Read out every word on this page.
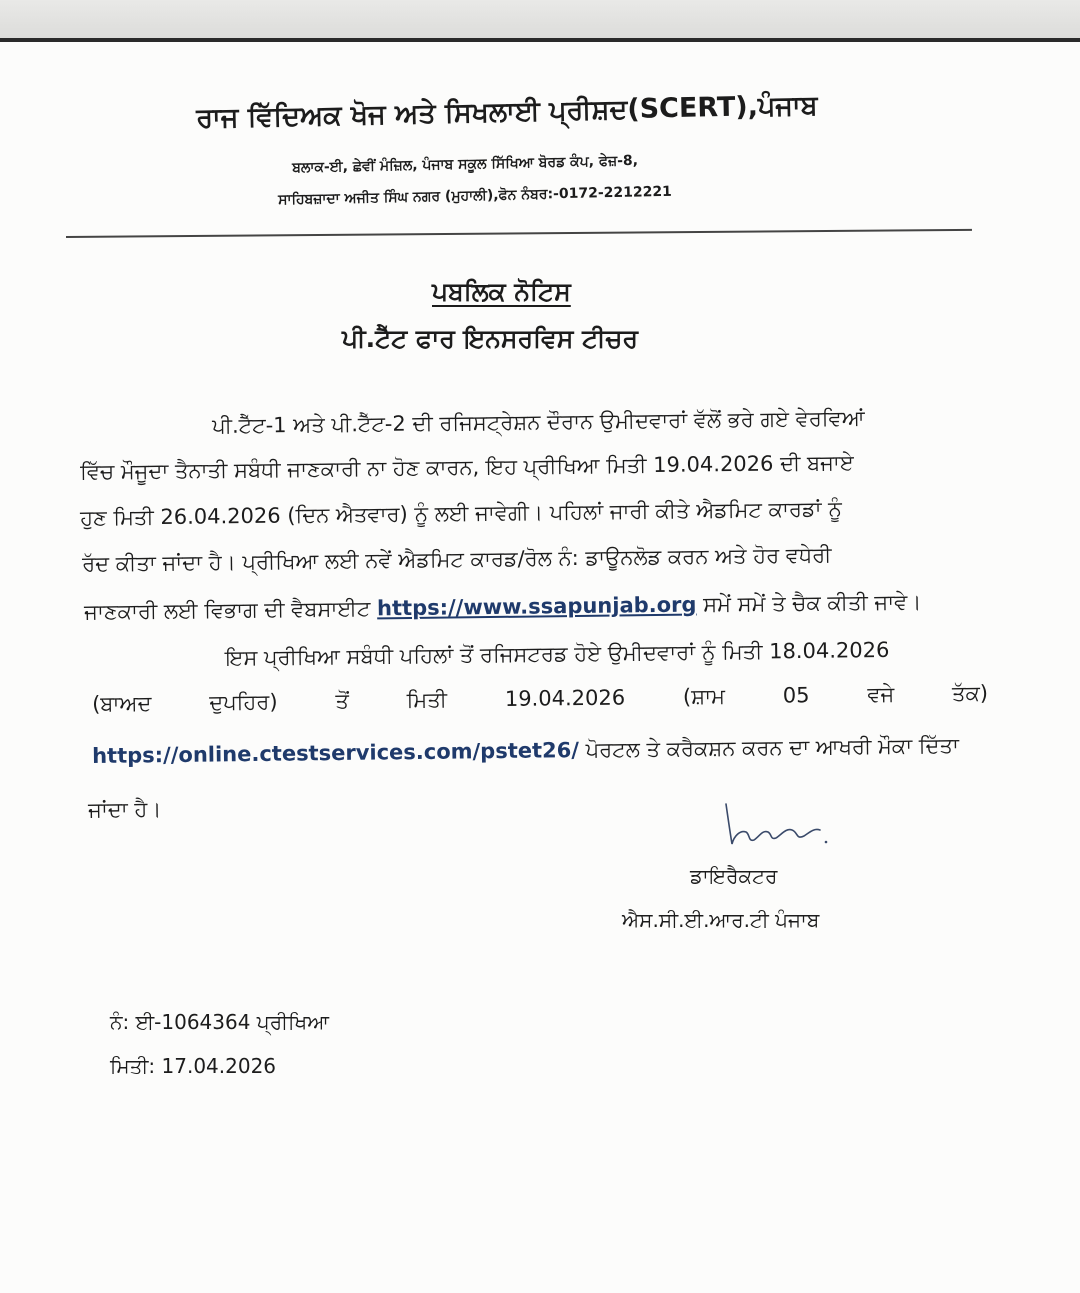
ਰਾਜ ਵਿੱਦਿਅਕ ਖੋਜ ਅਤੇ ਸਿਖਲਾਈ ਪ੍ਰੀਸ਼ਦ(SCERT),ਪੰਜਾਬ
ਬਲਾਕ-ਈ, ਛੇਵੀਂ ਮੰਜ਼ਿਲ, ਪੰਜਾਬ ਸਕੂਲ ਸਿੱਖਿਆ ਬੋਰਡ ਕੰਪ, ਫੇਜ਼-8,
ਸਾਹਿਬਜ਼ਾਦਾ ਅਜੀਤ ਸਿੰਘ ਨਗਰ (ਮੁਹਾਲੀ),ਫੋਨ ਨੰਬਰ:-0172-2212221
ਪਬਲਿਕ ਨੋਟਿਸ
ਪੀ.ਟੈੱਟ ਫਾਰ ਇਨਸਰਵਿਸ ਟੀਚਰ
ਪੀ.ਟੈੱਟ-1 ਅਤੇ ਪੀ.ਟੈੱਟ-2 ਦੀ ਰਜਿਸਟ੍ਰੇਸ਼ਨ ਦੌਰਾਨ ਉਮੀਦਵਾਰਾਂ ਵੱਲੋਂ ਭਰੇ ਗਏ ਵੇਰਵਿਆਂ
ਵਿੱਚ ਮੌਜੂਦਾ ਤੈਨਾਤੀ ਸਬੰਧੀ ਜਾਣਕਾਰੀ ਨਾ ਹੋਣ ਕਾਰਨ, ਇਹ ਪ੍ਰੀਖਿਆ ਮਿਤੀ 19.04.2026 ਦੀ ਬਜਾਏ
ਹੁਣ ਮਿਤੀ 26.04.2026 (ਦਿਨ ਐਤਵਾਰ) ਨੂੰ ਲਈ ਜਾਵੇਗੀ। ਪਹਿਲਾਂ ਜਾਰੀ ਕੀਤੇ ਐਡਮਿਟ ਕਾਰਡਾਂ ਨੂੰ
ਰੱਦ ਕੀਤਾ ਜਾਂਦਾ ਹੈ। ਪ੍ਰੀਖਿਆ ਲਈ ਨਵੇਂ ਐਡਮਿਟ ਕਾਰਡ/ਰੋਲ ਨੰ: ਡਾਊਨਲੋਡ ਕਰਨ ਅਤੇ ਹੋਰ ਵਧੇਰੀ
ਜਾਣਕਾਰੀ ਲਈ ਵਿਭਾਗ ਦੀ ਵੈਬਸਾਈਟ https://www.ssapunjab.org ਸਮੇਂ ਸਮੇਂ ਤੇ ਚੈਕ ਕੀਤੀ ਜਾਵੇ।
ਇਸ ਪ੍ਰੀਖਿਆ ਸਬੰਧੀ ਪਹਿਲਾਂ ਤੋਂ ਰਜਿਸਟਰਡ ਹੋਏ ਉਮੀਦਵਾਰਾਂ ਨੂੰ ਮਿਤੀ 18.04.2026
(ਬਾਅਦ	ਦੁਪਹਿਰ)	ਤੋਂ	ਮਿਤੀ	19.04.2026	(ਸ਼ਾਮ	05	ਵਜੇ	ਤੱਕ)
https://online.ctestservices.com/pstet26/ ਪੋਰਟਲ ਤੇ ਕਰੈਕਸ਼ਨ ਕਰਨ ਦਾ ਆਖਰੀ ਮੌਕਾ ਦਿੱਤਾ
ਜਾਂਦਾ ਹੈ।
ਡਾਇਰੈਕਟਰ
ਐਸ.ਸੀ.ਈ.ਆਰ.ਟੀ ਪੰਜਾਬ
ਨੰ: ਈ-1064364 ਪ੍ਰੀਖਿਆ
ਮਿਤੀ: 17.04.2026
